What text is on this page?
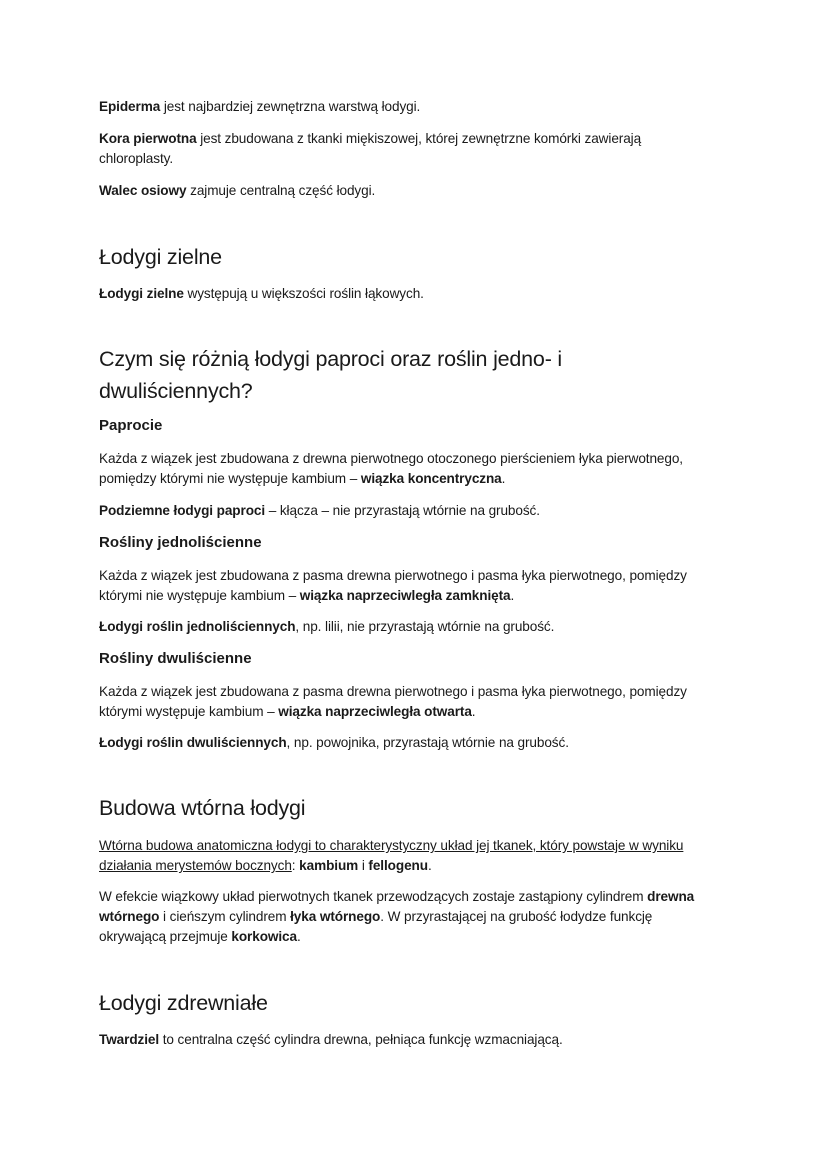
Epiderma jest najbardziej zewnętrzna warstwą łodygi.

Kora pierwotna jest zbudowana z tkanki miękiszowej, której zewnętrzne komórki zawierają chloroplasty.

Walec osiowy zajmuje centralną część łodygi.

Łodygi zielne

Łodygi zielne występują u większości roślin łąkowych.

Czym się różnią łodygi paproci oraz roślin jedno- i dwuliściennych?
Paprocie

Każda z wiązek jest zbudowana z drewna pierwotnego otoczonego pierścieniem łyka pierwotnego, pomiędzy którymi nie występuje kambium – wiązka koncentryczna.

Podziemne łodygi paproci – kłącza – nie przyrastają wtórnie na grubość.

Rośliny jednoliścienne

Każda z wiązek jest zbudowana z pasma drewna pierwotnego i pasma łyka pierwotnego, pomiędzy którymi nie występuje kambium – wiązka naprzeciwległa zamknięta.

Łodygi roślin jednoliściennych, np. lilii, nie przyrastają wtórnie na grubość.

Rośliny dwuliścienne

Każda z wiązek jest zbudowana z pasma drewna pierwotnego i pasma łyka pierwotnego, pomiędzy którymi występuje kambium – wiązka naprzeciwległa otwarta.

Łodygi roślin dwuliściennych, np. powojnika, przyrastają wtórnie na grubość.

Budowa wtórna łodygi

Wtórna budowa anatomiczna łodygi to charakterystyczny układ jej tkanek, który powstaje w wyniku działania merystemów bocznych: kambium i fellogenu.

W efekcie wiązkowy układ pierwotnych tkanek przewodzących zostaje zastąpiony cylindrem drewna wtórnego i cieńszym cylindrem łyka wtórnego. W przyrastającej na grubość łodydze funkcję okrywającą przejmuje korkowica.

Łodygi zdrewniałe

Twardziel to centralna część cylindra drewna, pełniąca funkcję wzmacniającą.
